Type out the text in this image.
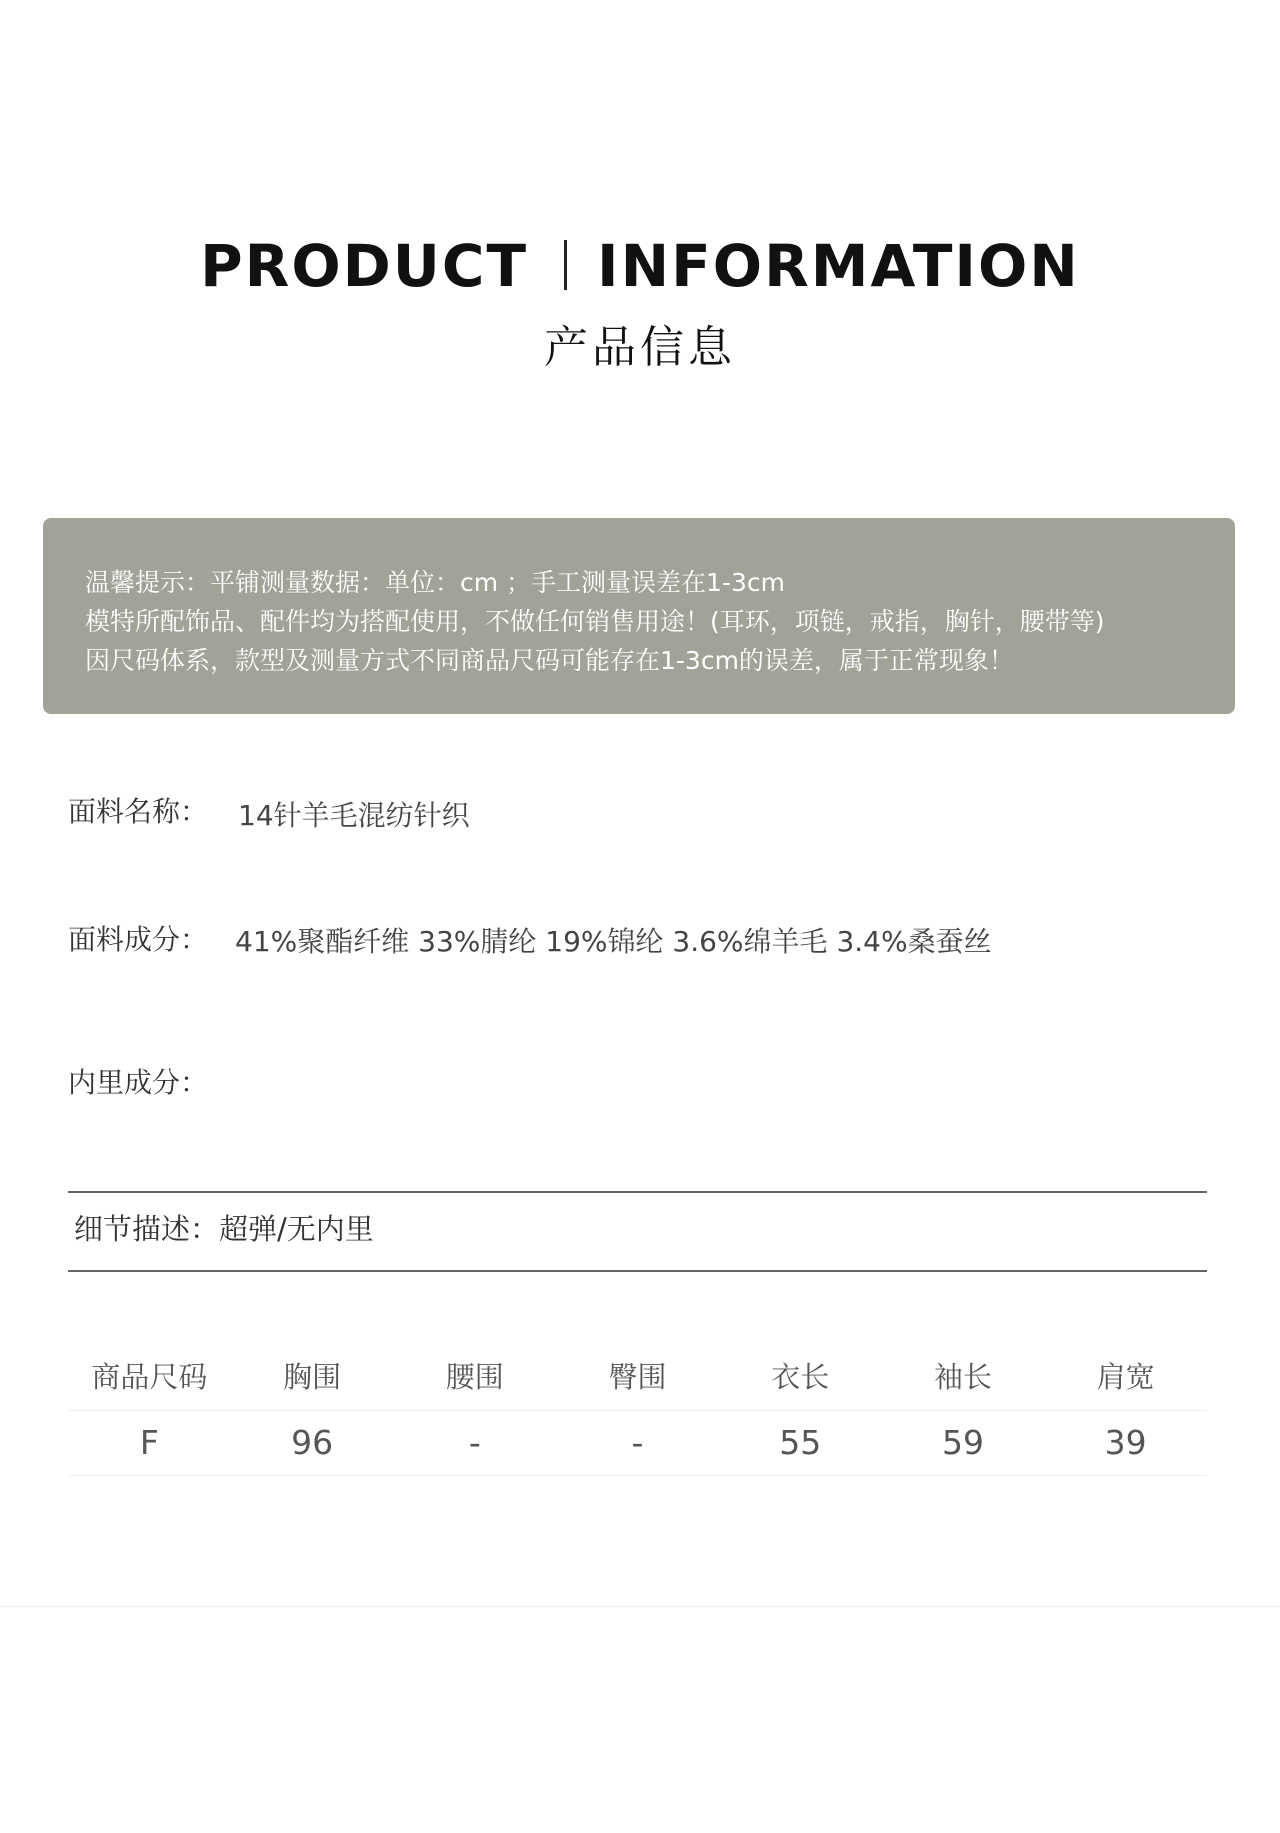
PRODUCT INFORMATION
产品信息

温馨提示：平铺测量数据：单位：cm ；手工测量误差在1-3cm

模特所配饰品、配件均为搭配使用，不做任何销售用途！(耳环，项链，戒指，胸针，腰带等)

因尺码体系，款型及测量方式不同商品尺码可能存在1-3cm的误差，属于正常现象！

面料名称： 14针羊毛混纺针织
面料成分： 41%聚酯纤维 33%腈纶 19%锦纶 3.6%绵羊毛 3.4%桑蚕丝
内里成分：
细节描述：超弹/无内里
商品尺码	胸围	腰围	臀围	衣长	袖长	肩宽
F	96	-	-	55	59	39
